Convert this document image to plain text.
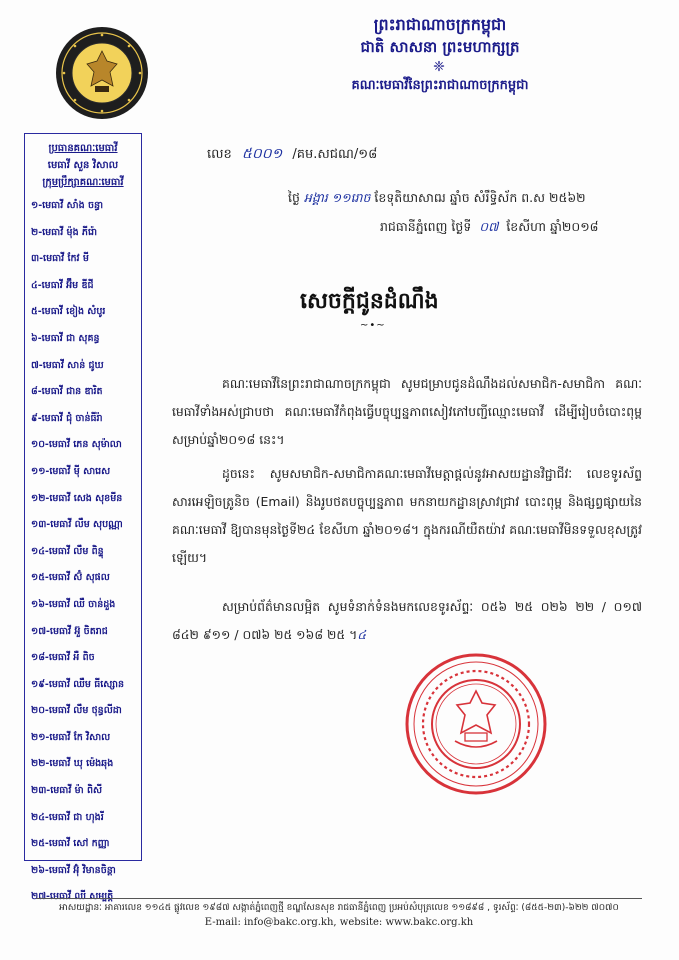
ព្រះរាជាណាចក្រកម្ពុជា
ជាតិ សាសនា ព្រះមហាក្សត្រ
❈
គណៈមេធាវីនៃព្រះរាជាណាចក្រកម្ពុជា
ប្រធានគណៈមេធាវី
មេធាវី សួន វិសាល
ក្រុមប្រឹក្សាគណៈមេធាវី
១-មេធាវី សាំង ចន្ធា
២-មេធាវី ម៉ុង ភីរ៉ោ
៣-មេធាវី កែវ មី
៤-មេធាវី អ៊ឹម ឌីជី
៥-មេធាវី ខៀង សំបូរ
៦-មេធាវី ជា សុគន្ធ
៧-មេធាវី សាន់ ជូឃ
៨-មេធាវី ជាន ឌារិត
៩-មេធាវី ជុំ ចាន់ធីរ៉ា
១០-មេធាវី ភេន សុម៉ាលា
១១-មេធាវី ម៉ី សារេស
១២-មេធាវី សេង សុខមីន
១៣-មេធាវី លឹម សុបណ្ណា
១៤-មេធាវី លឹម ពិន្ទុ
១៥-មេធាវី ស៊ំ សុផល
១៦-មេធាវី ឈឹ ចាន់ដួង
១៧-មេធាវី អ៊ួ ចិតរាជ
១៨-មេធាវី អឺ ពិច
១៩-មេធាវី ឈឹម ធីស្សោន
២០-មេធាវី លឹម ថុន្ធលីដា
២១-មេធាវី កែ វិសាល
២២-មេធាវី ឃុ ម៉េងឆុង
២៣-មេធាវី ម៉ា ពិសី
២៤-មេធាវី ជា ហុងរី
២៥-មេធាវី សៅ កញ្ញា
២៦-មេធាវី អ៊ុំ វិមានចិន្តា
២៧-មេធាវី ឈី សម្បត្តិ
លេខ ៥០០១ /គម.សជណ/១៨
ថ្ងៃ អង្គារ ១១រោច ខែទុតិយាសាឍ ឆ្នាំច សំរឹទ្ធិស័ក ព.ស ២៥៦២
រាជធានីភ្នំពេញ ថ្ងៃទី ០៧ ខែសីហា ឆ្នាំ២០១៨
សេចក្តីជូនដំណឹង
~•~
គណៈមេធាវីនៃព្រះរាជាណាចក្រកម្ពុជា សូមជម្រាបជូនដំណឹងដល់សមាជិក-សមាជិកា គណៈមេធាវីទាំងអស់ជ្រាបថា គណៈមេធាវីកំពុងធ្វើបច្ចុប្បន្នភាពសៀវភៅបញ្ជីឈ្មោះមេធាវី ដើម្បីរៀបចំបោះពុម្ពសម្រាប់ឆ្នាំ២០១៨ នេះ។
ដូចនេះ សូមសមាជិក-សមាជិកាគណៈមេធាវីមេត្តាផ្តល់នូវអាសយដ្ឋានវិជ្ជាជីវៈ លេខទូរស័ព្ទ សារអេឡិចត្រូនិច (Email) និងរូបថតបច្ចុប្បន្នភាព មកនាយកដ្ឋានស្រាវជ្រាវ បោះពុម្ព និងផ្សព្វផ្សាយនៃគណៈមេធាវី ឱ្យបានមុនថ្ងៃទី២៤ ខែសីហា ឆ្នាំ២០១៨។ ក្នុងករណីយឺតយ៉ាវ គណៈមេធាវីមិនទទួលខុសត្រូវឡើយ។
សម្រាប់ព័ត៌មានលម្អិត សូមទំនាក់ទំនងមកលេខទូរស័ព្ទៈ ០៥៦ ២៥ ០២៦ ២២ / ០១៧ ៨៤២ ៩១១ / ០៧៦ ២៥ ១៦៨ ២៥ ។៤
អាសយដ្ឋានៈ អាគារលេខ ១១៤៥ ផ្លូវលេខ ១៩៨៧ សង្កាត់ភ្នំពេញថ្មី ខណ្ឌសែនសុខ រាជធានីភ្នំពេញ ប្រអប់សំបុត្រលេខ ១១៨៩៨ , ទូរស័ព្ទៈ (៨៥៥-២៣)-៦២២ ៧០៧០
E-mail: info@bakc.org.kh, website: www.bakc.org.kh
